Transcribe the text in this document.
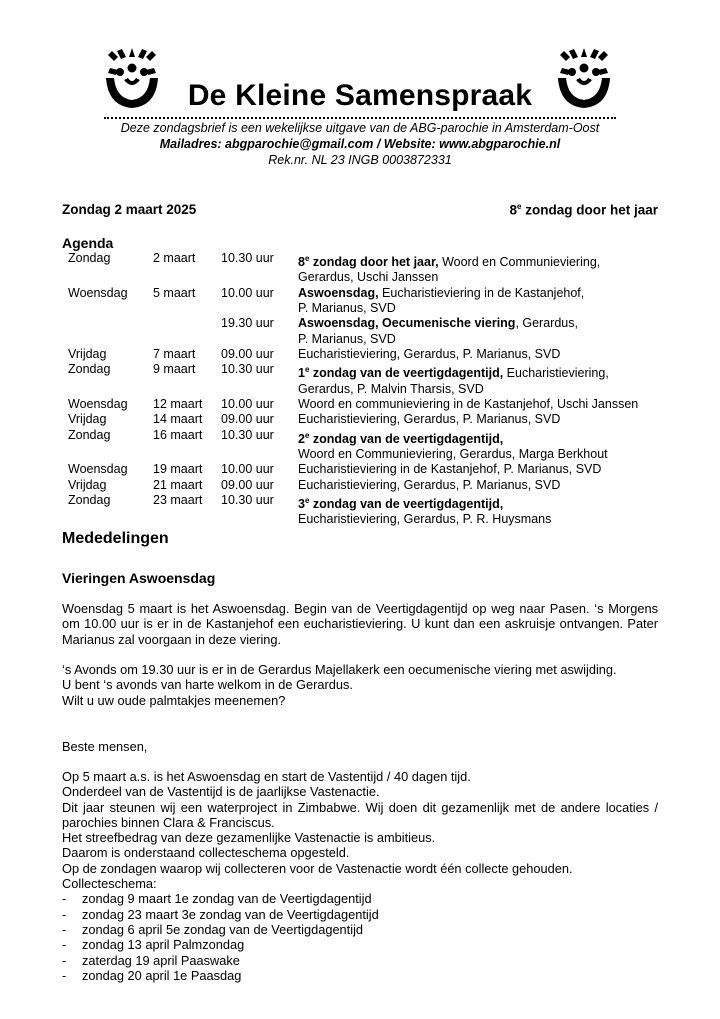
De Kleine Samenspraak
Deze zondagsbrief is een wekelijkse uitgave van de ABG-parochie in Amsterdam-Oost
Mailadres: abgparochie@gmail.com / Website: www.abgparochie.nl
Rek.nr. NL 23 INGB 0003872331
Zondag 2 maart 2025	8e zondag door het jaar
Agenda
Zondag	2 maart 10.30 uur 8e zondag door het jaar, Woord en Communieviering,
Gerardus, Uschi Janssen
Woensdag 5 maart 10.00 uur Aswoensdag, Eucharistieviering in de Kastanjehof,
P. Marianus, SVD
19.30 uur Aswoensdag, Oecumenische viering, Gerardus,
P. Marianus, SVD
Vrijdag	7 maart 09.00 uur Eucharistieviering, Gerardus, P. Marianus, SVD
Zondag	9 maart 10.30 uur 1e zondag van de veertigdagentijd, Eucharistieviering,
Gerardus, P. Malvin Tharsis, SVD
Woensdag 12 maart 10.00 uur Woord en communieviering in de Kastanjehof, Uschi Janssen
Vrijdag	14 maart 09.00 uur Eucharistieviering, Gerardus, P. Marianus, SVD
Zondag	16 maart 10.30 uur 2e zondag van de veertigdagentijd,
Woord en Communieviering, Gerardus, Marga Berkhout
Woensdag 19 maart 10.00 uur Eucharistieviering in de Kastanjehof, P. Marianus, SVD
Vrijdag	21 maart 09.00 uur Eucharistieviering, Gerardus, P. Marianus, SVD
Zondag	23 maart 10.30 uur 3e zondag van de veertigdagentijd,
Eucharistieviering, Gerardus, P. R. Huysmans
Mededelingen
Vieringen Aswoensdag
Woensdag 5 maart is het Aswoensdag. Begin van de Veertigdagentijd op weg naar Pasen. ‘s Morgens om 10.00 uur is er in de Kastanjehof een eucharistieviering. U kunt dan een askruisje ontvangen. Pater Marianus zal voorgaan in deze viering.
‘s Avonds om 19.30 uur is er in de Gerardus Majellakerk een oecumenische viering met aswijding.
U bent ‘s avonds van harte welkom in de Gerardus.
Wilt u uw oude palmtakjes meenemen?
Beste mensen,
Op 5 maart a.s. is het Aswoensdag en start de Vastentijd / 40 dagen tijd.
Onderdeel van de Vastentijd is de jaarlijkse Vastenactie.
Dit jaar steunen wij een waterproject in Zimbabwe. Wij doen dit gezamenlijk met de andere locaties / parochies binnen Clara & Franciscus.
Het streefbedrag van deze gezamenlijke Vastenactie is ambitieus.
Daarom is onderstaand collecteschema opgesteld.
Op de zondagen waarop wij collecteren voor de Vastenactie wordt één collecte gehouden.
Collecteschema:
- zondag 9 maart 1e zondag van de Veertigdagentijd
- zondag 23 maart 3e zondag van de Veertigdagentijd
- zondag 6 april 5e zondag van de Veertigdagentijd
- zondag 13 april Palmzondag
- zaterdag 19 april Paaswake
- zondag 20 april 1e Paasdag
